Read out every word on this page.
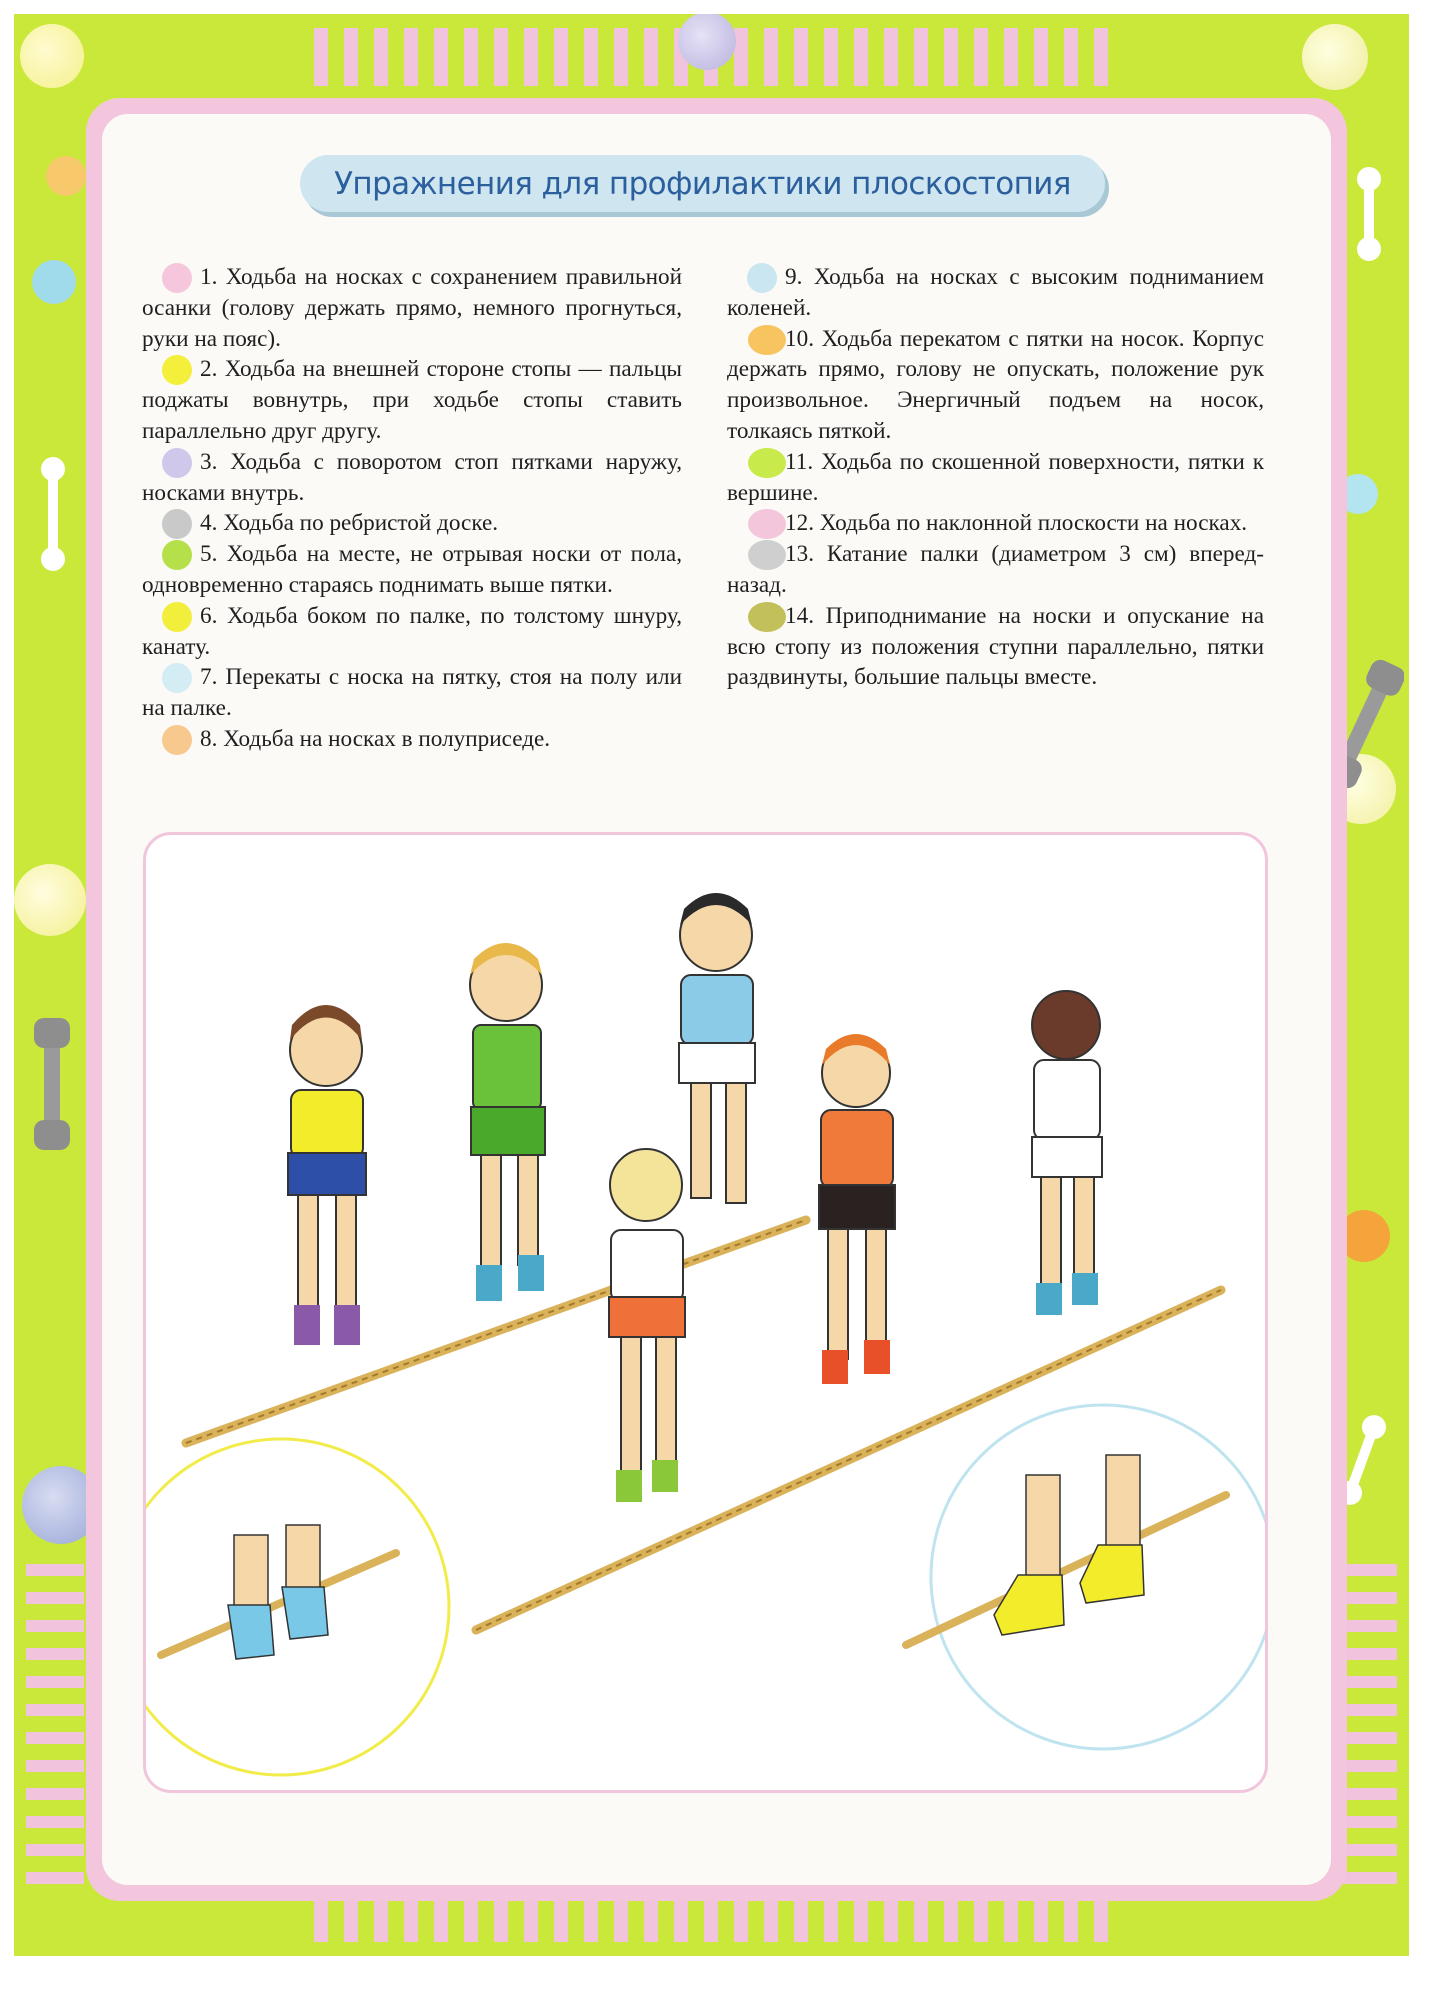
Упражнения для профилактики плоскостопия
1. Ходьба на носках с сохранением правильной осанки (голову держать прямо, немного прогнуться, руки на пояс).
2. Ходьба на внешней стороне стопы — пальцы поджаты вовнутрь, при ходьбе стопы ставить параллельно друг другу.
3. Ходьба с поворотом стоп пятками наружу, носками внутрь.
4. Ходьба по ребристой доске.
5. Ходьба на месте, не отрывая носки от пола, одновременно стараясь поднимать выше пятки.
6. Ходьба боком по палке, по толстому шнуру, канату.
7. Перекаты с носка на пятку, стоя на полу или на палке.
8. Ходьба на носках в полуприседе.
9. Ходьба на носках с высоким подниманием коленей.
10. Ходьба перекатом с пятки на носок. Корпус держать прямо, голову не опускать, положение рук произвольное. Энергичный подъем на носок, толкаясь пяткой.
11. Ходьба по скошенной поверхности, пятки к вершине.
12. Ходьба по наклонной плоскости на носках.
13. Катание палки (диаметром 3 см) вперед-назад.
14. Приподнимание на носки и опускание на всю стопу из положения ступни параллельно, пятки раздвинуты, большие пальцы вместе.
